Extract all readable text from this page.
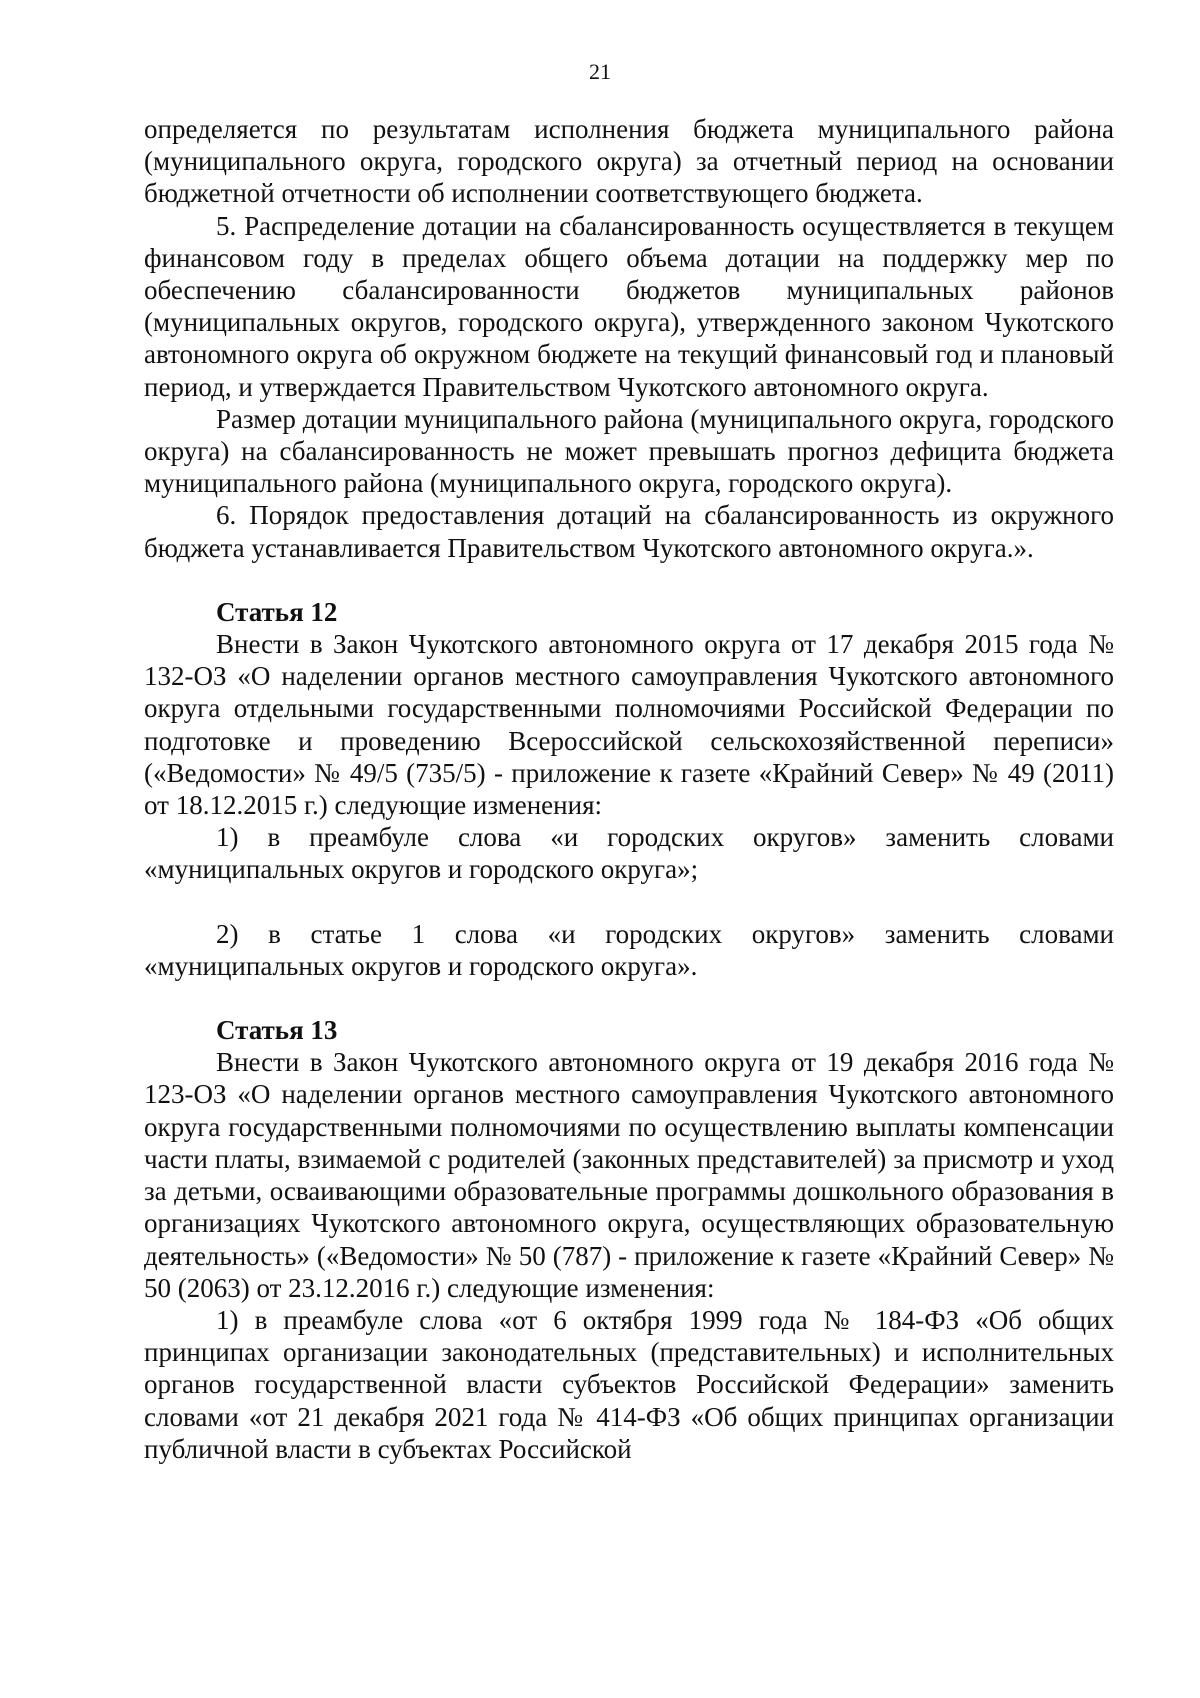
21

определяется по результатам исполнения бюджета муниципального района (муниципального округа, городского округа) за отчетный период на основании бюджетной отчетности об исполнении соответствующего бюджета.

5. Распределение дотации на сбалансированность осуществляется в текущем финансовом году в пределах общего объема дотации на поддержку мер по обеспечению сбалансированности бюджетов муниципальных районов (муниципальных округов, городского округа), утвержденного законом Чукотского автономного округа об окружном бюджете на текущий финансовый год и плановый период, и утверждается Правительством Чукотского автономного округа.

Размер дотации муниципального района (муниципального округа, городского округа) на сбалансированность не может превышать прогноз дефицита бюджета муниципального района (муниципального округа, городского округа).

6. Порядок предоставления дотаций на сбалансированность из окружного бюджета устанавливается Правительством Чукотского автономного округа.».

Статья 12

Внести в Закон Чукотского автономного округа от 17 декабря 2015 года № 132-ОЗ «О наделении органов местного самоуправления Чукотского автономного округа отдельными государственными полномочиями Российской Федерации по подготовке и проведению Всероссийской сельскохозяйственной переписи» («Ведомости» № 49/5 (735/5) - приложение к газете «Крайний Север» № 49 (2011) от 18.12.2015 г.) следующие изменения:

1) в преамбуле слова «и городских округов» заменить словами «муниципальных округов и городского округа»;

2) в статье 1 слова «и городских округов» заменить словами «муниципальных округов и городского округа».

Статья 13

Внести в Закон Чукотского автономного округа от 19 декабря 2016 года № 123-ОЗ «О наделении органов местного самоуправления Чукотского автономного округа государственными полномочиями по осуществлению выплаты компенсации части платы, взимаемой с родителей (законных представителей) за присмотр и уход за детьми, осваивающими образовательные программы дошкольного образования в организациях Чукотского автономного округа, осуществляющих образовательную деятельность» («Ведомости» № 50 (787) - приложение к газете «Крайний Север» № 50 (2063) от 23.12.2016 г.) следующие изменения:

1) в преамбуле слова «от 6 октября 1999 года № 184-ФЗ «Об общих принципах организации законодательных (представительных) и исполнительных органов государственной власти субъектов Российской Федерации» заменить словами «от 21 декабря 2021 года № 414-ФЗ «Об общих принципах организации публичной власти в субъектах Российской
